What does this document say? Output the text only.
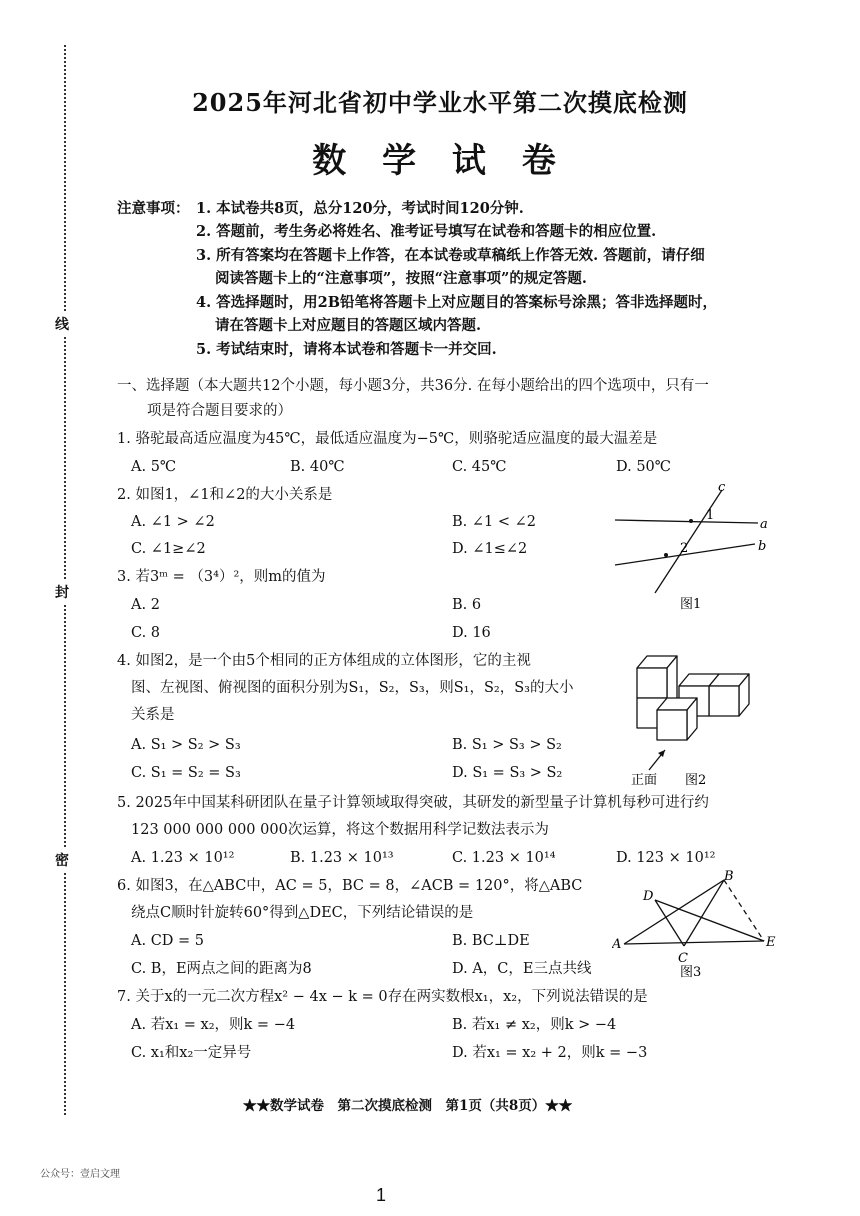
线
封
密
2025年河北省初中学业水平第二次摸底检测
数 学 试 卷
注意事项： 1. 本试卷共8页，总分120分，考试时间120分钟.
2. 答题前，考生务必将姓名、准考证号填写在试卷和答题卡的相应位置.
3. 所有答案均在答题卡上作答，在本试卷或草稿纸上作答无效. 答题前，请仔细
阅读答题卡上的“注意事项”，按照“注意事项”的规定答题.
4. 答选择题时，用2B铅笔将答题卡上对应题目的答案标号涂黑；答非选择题时，
请在答题卡上对应题目的答题区域内答题.
5. 考试结束时，请将本试卷和答题卡一并交回.
一、选择题（本大题共12个小题，每小题3分，共36分. 在每小题给出的四个选项中，只有一
项是符合题目要求的）
1. 骆驼最高适应温度为45℃，最低适应温度为−5℃，则骆驼适应温度的最大温差是
A. 5℃	B. 40℃	C. 45℃	D. 50℃
2. 如图1，∠1和∠2的大小关系是
A. ∠1 > ∠2	B. ∠1 < ∠2
C. ∠1≥∠2	D. ∠1≤∠2
3. 若3ᵐ = （3⁴）²，则m的值为
A. 2	B. 6
C. 8	D. 16
4. 如图2，是一个由5个相同的正方体组成的立体图形，它的主视
图、左视图、俯视图的面积分别为S₁，S₂，S₃，则S₁，S₂，S₃的大小
关系是
A. S₁ > S₂ > S₃	B. S₁ > S₃ > S₂
C. S₁ = S₂ = S₃	D. S₁ = S₃ > S₂
5. 2025年中国某科研团队在量子计算领域取得突破，其研发的新型量子计算机每秒可进行约
123 000 000 000 000次运算，将这个数据用科学记数法表示为
A. 1.23 × 10¹²	B. 1.23 × 10¹³	C. 1.23 × 10¹⁴	D. 123 × 10¹²
6. 如图3，在△ABC中，AC = 5，BC = 8，∠ACB = 120°，将△ABC
绕点C顺时针旋转60°得到△DEC，下列结论错误的是
A. CD = 5	B. BC⊥DE
C. B，E两点之间的距离为8	D. A，C，E三点共线
7. 关于x的一元二次方程x² − 4x − k = 0存在两实数根x₁，x₂，下列说法错误的是
A. 若x₁ = x₂，则k = −4	B. 若x₁ ≠ x₂，则k > −4
C. x₁和x₂一定异号	D. 若x₁ = x₂ + 2，则k = −3
1
2
a
b
c
图1
正面 图2
A
B
C
D
E
图3
★★数学试卷　第二次摸底检测　第1页（共8页）★★
公众号：壹启文理
1
